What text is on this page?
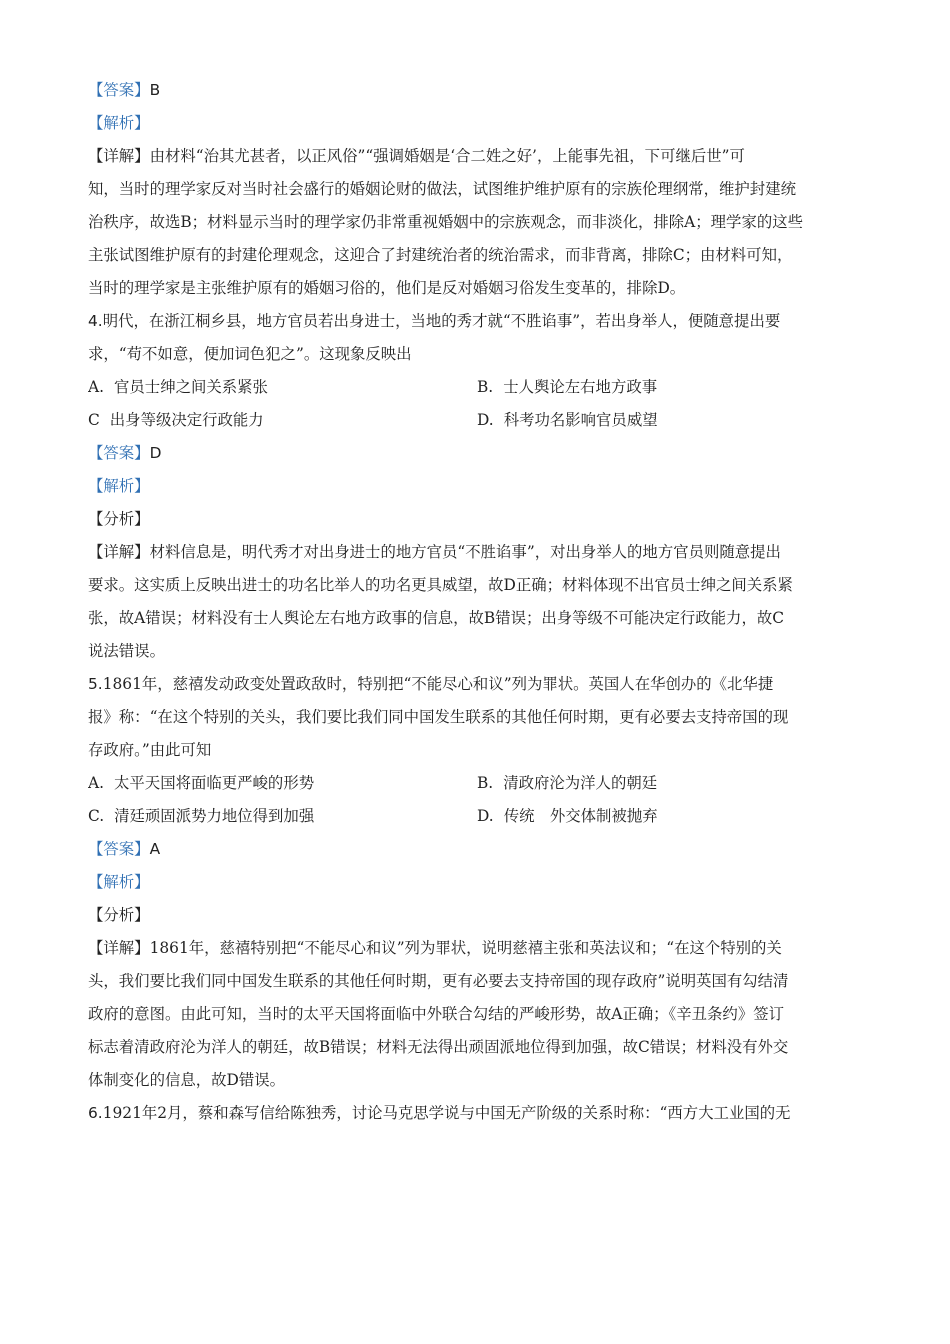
【答案】B
【解析】
【详解】由材料“治其尤甚者，以正风俗”“强调婚姻是‘合二姓之好’，上能事先祖，下可继后世”可
知，当时的理学家反对当时社会盛行的婚姻论财的做法，试图维护维护原有的宗族伦理纲常，维护封建统
治秩序，故选B；材料显示当时的理学家仍非常重视婚姻中的宗族观念，而非淡化，排除A；理学家的这些
主张试图维护原有的封建伦理观念，这迎合了封建统治者的统治需求，而非背离，排除C；由材料可知，
当时的理学家是主张维护原有的婚姻习俗的，他们是反对婚姻习俗发生变革的，排除D。
4.明代，在浙江桐乡县，地方官员若出身进士，当地的秀才就“不胜谄事”，若出身举人，便随意提出要
求，“苟不如意，便加词色犯之”。这现象反映出
A. 官员士绅之间关系紧张	B. 士人舆论左右地方政事
C 出身等级决定行政能力	D. 科考功名影响官员威望
【答案】D
【解析】
【分析】
【详解】材料信息是，明代秀才对出身进士的地方官员“不胜谄事”，对出身举人的地方官员则随意提出
要求。这实质上反映出进士的功名比举人的功名更具威望，故D正确；材料体现不出官员士绅之间关系紧
张，故A错误；材料没有士人舆论左右地方政事的信息，故B错误；出身等级不可能决定行政能力，故C
说法错误。
5.1861年，慈禧发动政变处置政敌时，特别把“不能尽心和议”列为罪状。英国人在华创办的《北华捷
报》称：“在这个特别的关头，我们要比我们同中国发生联系的其他任何时期，更有必要去支持帝国的现
存政府。”由此可知
A. 太平天国将面临更严峻的形势	B. 清政府沦为洋人的朝廷
C. 清廷顽固派势力地位得到加强	D. 传统　外交体制被抛弃
【答案】A
【解析】
【分析】
【详解】1861年，慈禧特别把“不能尽心和议”列为罪状，说明慈禧主张和英法议和；“在这个特别的关
头，我们要比我们同中国发生联系的其他任何时期，更有必要去支持帝国的现存政府”说明英国有勾结清
政府的意图。由此可知，当时的太平天国将面临中外联合勾结的严峻形势，故A正确；《辛丑条约》签订
标志着清政府沦为洋人的朝廷，故B错误；材料无法得出顽固派地位得到加强，故C错误；材料没有外交
体制变化的信息，故D错误。
6.1921年2月，蔡和森写信给陈独秀，讨论马克思学说与中国无产阶级的关系时称：“西方大工业国的无
